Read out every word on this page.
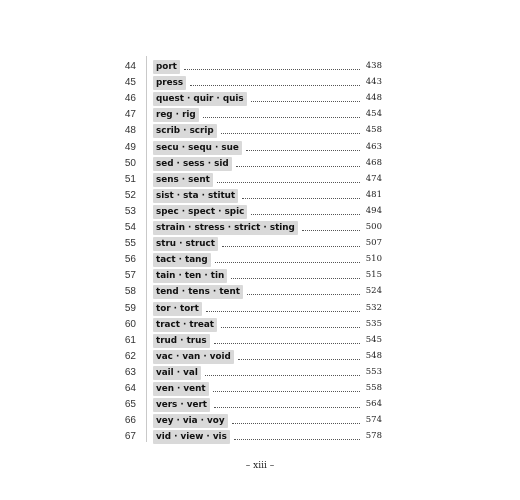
44	port	438
45	press	443
46	quest · quir · quis	448
47	reg · rig	454
48	scrib · scrip	458
49	secu · sequ · sue	463
50	sed · sess · sid	468
51	sens · sent	474
52	sist · sta · stitut	481
53	spec · spect · spic	494
54	strain · stress · strict · sting	500
55	stru · struct	507
56	tact · tang	510
57	tain · ten · tin	515
58	tend · tens · tent	524
59	tor · tort	532
60	tract · treat	535
61	trud · trus	545
62	vac · van · void	548
63	vail · val	553
64	ven · vent	558
65	vers · vert	564
66	vey · via · voy	574
67	vid · view · vis	578
– xiii –
